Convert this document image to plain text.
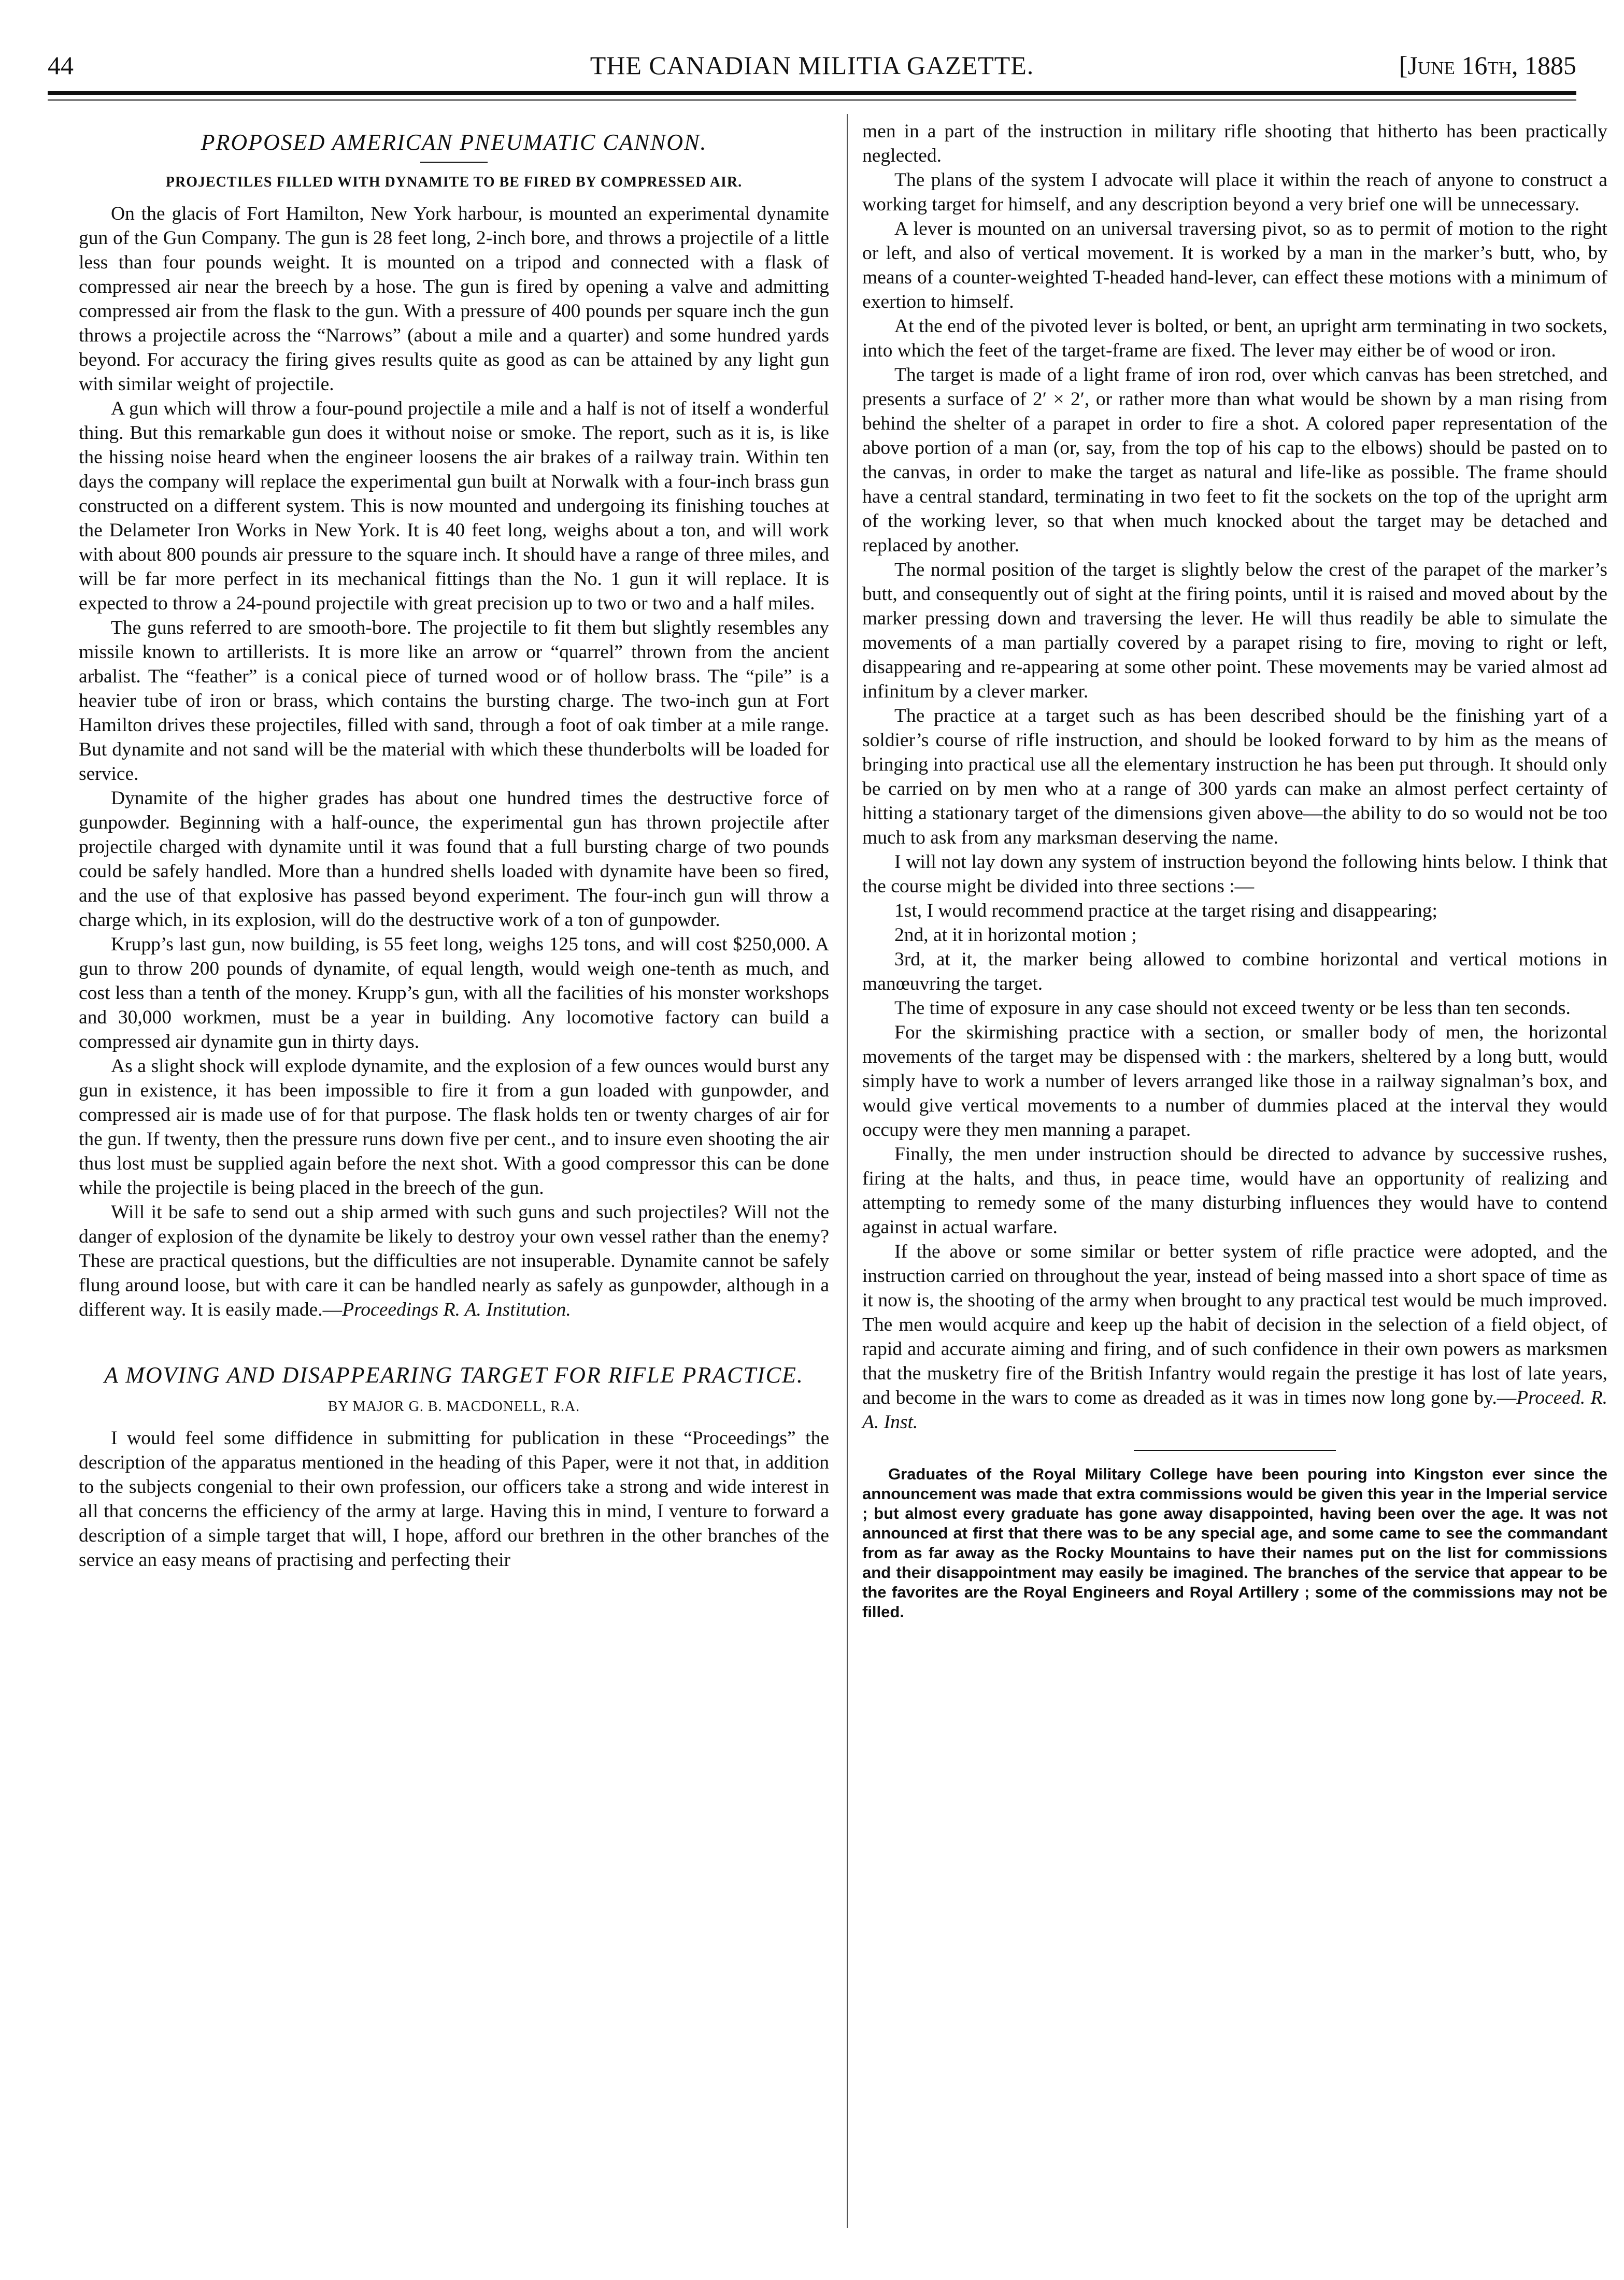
44	THE CANADIAN MILITIA GAZETTE.	[June 16th, 1885
PROPOSED AMERICAN PNEUMATIC CANNON.
PROJECTILES FILLED WITH DYNAMITE TO BE FIRED BY COMPRESSED AIR.

On the glacis of Fort Hamilton, New York harbour, is mounted an experimental dynamite gun of the Gun Company. The gun is 28 feet long, 2-inch bore, and throws a projectile of a little less than four pounds weight. It is mounted on a tripod and connected with a flask of compressed air near the breech by a hose. The gun is fired by opening a valve and admitting compressed air from the flask to the gun. With a pressure of 400 pounds per square inch the gun throws a projectile across the “Narrows” (about a mile and a quarter) and some hundred yards beyond. For accuracy the firing gives results quite as good as can be attained by any light gun with similar weight of projectile.

A gun which will throw a four-pound projectile a mile and a half is not of itself a wonderful thing. But this remarkable gun does it without noise or smoke. The report, such as it is, is like the hissing noise heard when the engineer loosens the air brakes of a railway train. Within ten days the company will replace the experimental gun built at Norwalk with a four-inch brass gun constructed on a different system. This is now mounted and undergoing its finishing touches at the Delameter Iron Works in New York. It is 40 feet long, weighs about a ton, and will work with about 800 pounds air pressure to the square inch. It should have a range of three miles, and will be far more perfect in its mechanical fittings than the No. 1 gun it will replace. It is expected to throw a 24-pound projectile with great precision up to two or two and a half miles.

The guns referred to are smooth-bore. The projectile to fit them but slightly resembles any missile known to artillerists. It is more like an arrow or “quarrel” thrown from the ancient arbalist. The “feather” is a conical piece of turned wood or of hollow brass. The “pile” is a heavier tube of iron or brass, which contains the bursting charge. The two-inch gun at Fort Hamilton drives these projectiles, filled with sand, through a foot of oak timber at a mile range. But dynamite and not sand will be the material with which these thunderbolts will be loaded for service.

Dynamite of the higher grades has about one hundred times the destructive force of gunpowder. Beginning with a half-ounce, the experimental gun has thrown projectile after projectile charged with dynamite until it was found that a full bursting charge of two pounds could be safely handled. More than a hundred shells loaded with dynamite have been so fired, and the use of that explosive has passed beyond experiment. The four-inch gun will throw a charge which, in its explosion, will do the destructive work of a ton of gunpowder.

Krupp’s last gun, now building, is 55 feet long, weighs 125 tons, and will cost $250,000. A gun to throw 200 pounds of dynamite, of equal length, would weigh one-tenth as much, and cost less than a tenth of the money. Krupp’s gun, with all the facilities of his monster workshops and 30,000 workmen, must be a year in building. Any locomotive factory can build a compressed air dynamite gun in thirty days.

As a slight shock will explode dynamite, and the explosion of a few ounces would burst any gun in existence, it has been impossible to fire it from a gun loaded with gunpowder, and compressed air is made use of for that purpose. The flask holds ten or twenty charges of air for the gun. If twenty, then the pressure runs down five per cent., and to insure even shooting the air thus lost must be supplied again before the next shot. With a good compressor this can be done while the projectile is being placed in the breech of the gun.

Will it be safe to send out a ship armed with such guns and such projectiles? Will not the danger of explosion of the dynamite be likely to destroy your own vessel rather than the enemy? These are practical questions, but the difficulties are not insuperable. Dynamite cannot be safely flung around loose, but with care it can be handled nearly as safely as gunpowder, although in a different way. It is easily made.—Proceedings R. A. Institution.

A MOVING AND DISAPPEARING TARGET FOR RIFLE PRACTICE.
BY MAJOR G. B. MACDONELL, R.A.

I would feel some diffidence in submitting for publication in these “Proceedings” the description of the apparatus mentioned in the heading of this Paper, were it not that, in addition to the subjects congenial to their own profession, our officers take a strong and wide interest in all that concerns the efficiency of the army at large. Having this in mind, I venture to forward a description of a simple target that will, I hope, afford our brethren in the other branches of the service an easy means of practising and perfecting their

men in a part of the instruction in military rifle shooting that hitherto has been practically neglected.

The plans of the system I advocate will place it within the reach of anyone to construct a working target for himself, and any description beyond a very brief one will be unnecessary.

A lever is mounted on an universal traversing pivot, so as to permit of motion to the right or left, and also of vertical movement. It is worked by a man in the marker’s butt, who, by means of a counter-weighted T-headed hand-lever, can effect these motions with a minimum of exertion to himself.

At the end of the pivoted lever is bolted, or bent, an upright arm terminating in two sockets, into which the feet of the target-frame are fixed. The lever may either be of wood or iron.

The target is made of a light frame of iron rod, over which canvas has been stretched, and presents a surface of 2′ × 2′, or rather more than what would be shown by a man rising from behind the shelter of a parapet in order to fire a shot. A colored paper representation of the above portion of a man (or, say, from the top of his cap to the elbows) should be pasted on to the canvas, in order to make the target as natural and life-like as possible. The frame should have a central standard, terminating in two feet to fit the sockets on the top of the upright arm of the working lever, so that when much knocked about the target may be detached and replaced by another.

The normal position of the target is slightly below the crest of the parapet of the marker’s butt, and consequently out of sight at the firing points, until it is raised and moved about by the marker pressing down and traversing the lever. He will thus readily be able to simulate the movements of a man partially covered by a parapet rising to fire, moving to right or left, disappearing and re-appearing at some other point. These movements may be varied almost ad infinitum by a clever marker.

The practice at a target such as has been described should be the finishing yart of a soldier’s course of rifle instruction, and should be looked forward to by him as the means of bringing into practical use all the elementary instruction he has been put through. It should only be carried on by men who at a range of 300 yards can make an almost perfect certainty of hitting a stationary target of the dimensions given above—the ability to do so would not be too much to ask from any marksman deserving the name.

I will not lay down any system of instruction beyond the following hints below. I think that the course might be divided into three sections :—

1st, I would recommend practice at the target rising and disappearing;

2nd, at it in horizontal motion ;

3rd, at it, the marker being allowed to combine horizontal and vertical motions in manœuvring the target.

The time of exposure in any case should not exceed twenty or be less than ten seconds.

For the skirmishing practice with a section, or smaller body of men, the horizontal movements of the target may be dispensed with : the markers, sheltered by a long butt, would simply have to work a number of levers arranged like those in a railway signalman’s box, and would give vertical movements to a number of dummies placed at the interval they would occupy were they men manning a parapet.

Finally, the men under instruction should be directed to advance by successive rushes, firing at the halts, and thus, in peace time, would have an opportunity of realizing and attempting to remedy some of the many disturbing influences they would have to contend against in actual warfare.

If the above or some similar or better system of rifle practice were adopted, and the instruction carried on throughout the year, instead of being massed into a short space of time as it now is, the shooting of the army when brought to any practical test would be much improved. The men would acquire and keep up the habit of decision in the selection of a field object, of rapid and accurate aiming and firing, and of such confidence in their own powers as marksmen that the musketry fire of the British Infantry would regain the prestige it has lost of late years, and become in the wars to come as dreaded as it was in times now long gone by.—Proceed. R. A. Inst.

Graduates of the Royal Military College have been pouring into Kingston ever since the announcement was made that extra commissions would be given this year in the Imperial service ; but almost every graduate has gone away disappointed, having been over the age. It was not announced at first that there was to be any special age, and some came to see the commandant from as far away as the Rocky Mountains to have their names put on the list for commissions and their disappointment may easily be imagined. The branches of the service that appear to be the favorites are the Royal Engineers and Royal Artillery ; some of the commissions may not be filled.
